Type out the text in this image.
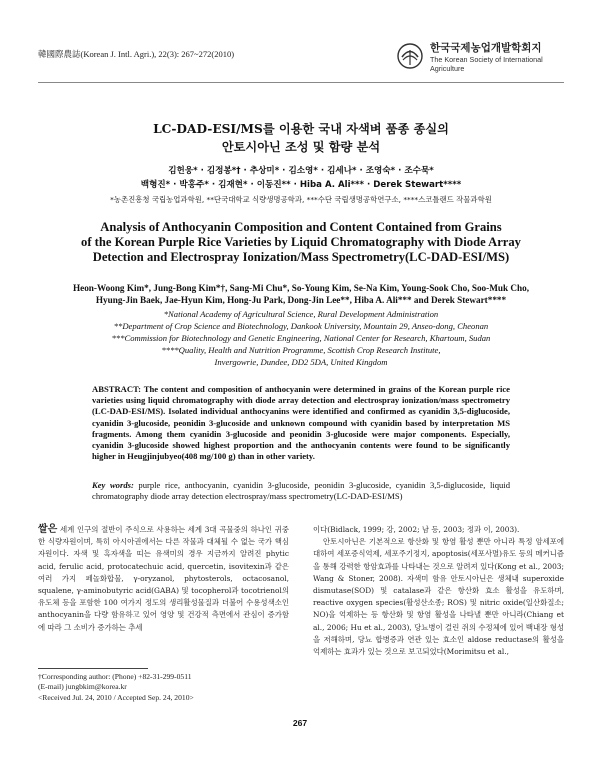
韓國際農誌(Korean J. Intl. Agri.), 22(3): 267~272(2010)	한국국제농업개발학회지
The Korean Society of International Agriculture
LC-DAD-ESI/MS를 이용한 국내 자색벼 품종 종실의
안토시아닌 조성 및 함량 분석
김헌웅* · 김정봉*† · 추상미* · 김소영* · 김세나* · 조영숙* · 조수묵*
백형진* · 박홍주* · 김재현* · 이동진** · Hiba A. Ali*** · Derek Stewart****
*농촌진흥청 국립농업과학원, **단국대학교 식량생명공학과, ***수단 국립생명공학연구소, ****스코틀랜드 작물과학원
Analysis of Anthocyanin Composition and Content Contained from Grains
of the Korean Purple Rice Varieties by Liquid Chromatography with Diode Array
Detection and Electrospray Ionization/Mass Spectrometry(LC-DAD-ESI/MS)
Heon-Woong Kim*, Jung-Bong Kim*†, Sang-Mi Chu*, So-Young Kim, Se-Na Kim, Young-Sook Cho, Soo-Muk Cho,
Hyung-Jin Baek, Jae-Hyun Kim, Hong-Ju Park, Dong-Jin Lee**, Hiba A. Ali*** and Derek Stewart****
*National Academy of Agricultural Science, Rural Development Administration
**Department of Crop Science and Biotechnology, Dankook University, Mountain 29, Anseo-dong, Cheonan
***Commission for Biotechnology and Genetic Engineering, National Center for Research, Khartoum, Sudan
****Quality, Health and Nutrition Programme, Scottish Crop Research Institute,
Invergowrie, Dundee, DD2 5DA, United Kingdom
ABSTRACT: The content and composition of anthocyanin were determined in grains of the Korean purple rice varieties using liquid chromatography with diode array detection and electrospray ionization/mass spectrometry (LC-DAD-ESI/MS). Isolated individual anthocyanins were identified and confirmed as cyanidin 3,5-diglucoside, cyanidin 3-glucoside, peonidin 3-glucoside and unknown compound with cyanidin based by interpretation MS fragments. Among them cyanidin 3-glucoside and peonidin 3-glucoside were major components. Especially, cyanidin 3-glucoside showed highest proportion and the anthocyanin contents were found to be significantly higher in Heugjinjubyeo(408 mg/100 g) than in other variety.
Key words: purple rice, anthocyanin, cyanidin 3-glucoside, peonidin 3-glucoside, cyanidin 3,5-diglucoside, liquid chromatography diode array detection electrospray/mass spectrometry(LC-DAD-ESI/MS)

쌀은 세계 인구의 절반이 주식으로 사용하는 세계 3대 곡물중의 하나인 귀중한 식량자원이며, 특히 아시아권에서는 다른 작물과 대체될 수 없는 국가 핵심 자원이다. 자색 및 흑자색을 띠는 유색미의 경우 지금까지 알려진 phytic acid, ferulic acid, protocatechuic acid, quercetin, isovitexin과 같은 여러 가지 페놀화합물, γ-oryzanol, phytosterols, octacosanol, squalene, γ-aminobutyric acid(GABA) 및 tocopherol과 tocotrienol의 유도체 등을 포함한 100 여가지 정도의 생리활성물질과 더불어 수용성색소인 anthocyanin을 다량 함유하고 있어 영양 및 건강적 측면에서 관심이 증가함에 따라 그 소비가 증가하는 추세

이다(Bidlack, 1999; 강, 2002; 남 등, 2003; 정과 이, 2003).

안토시아닌은 기본적으로 항산화 및 항염 활성 뿐만 아니라 특정 암세포에 대하여 세포증식억제, 세포주기정지, apoptosis(세포사멸)유도 등의 메커니즘을 통해 강력한 항암효과를 나타내는 것으로 알려져 있다(Kong et al., 2003; Wang & Stoner, 2008). 자색미 함유 안토시아닌은 생체내 superoxide dismutase(SOD) 및 catalase과 같은 항산화 효소 활성을 유도하며, reactive oxygen species(활성산소종; ROS) 및 nitric oxide(일산화질소; NO)을 억제하는 등 항산화 및 항염 활성을 나타낼 뿐만 아니라(Chiang et al., 2006; Hu et al., 2003), 당뇨병이 걸린 쥐의 수정체에 있어 백내장 형성을 저해하며, 당뇨 합병증과 연관 있는 효소인 aldose reductase의 활성을 억제하는 효과가 있는 것으로 보고되었다(Morimitsu et al.,

†Corresponding author: (Phone) +82-31-299-0511
(E-mail) jungbkim@korea.kr
<Received Jul. 24, 2010 / Accepted Sep. 24, 2010>
267
